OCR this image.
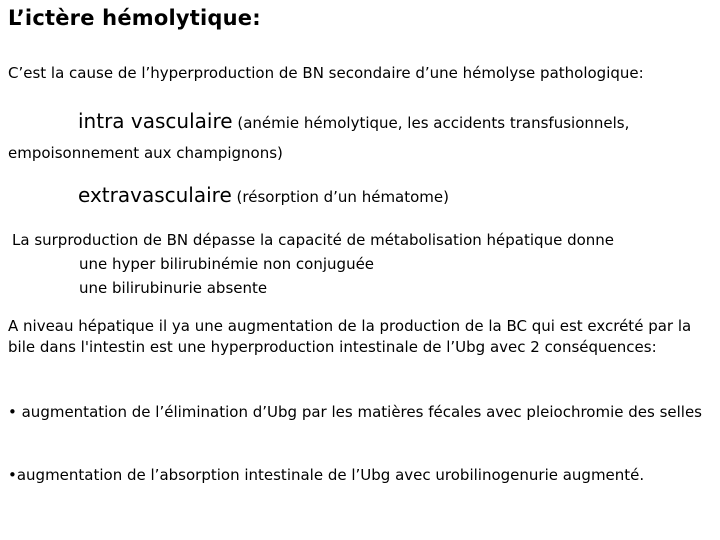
L’ictère hémolytique:
C’est la cause de l’hyperproduction de BN secondaire d’une hémolyse pathologique:
intra vasculaire (anémie hémolytique, les accidents transfusionnels,
empoisonnement aux champignons)
extravasculaire (résorption d’un hématome)
La surproduction de BN dépasse la capacité de métabolisation hépatique donne
une hyper bilirubinémie non conjuguée
une bilirubinurie absente
A niveau hépatique il ya une augmentation de la production de la BC qui est excrété par la bile dans l'intestin est une hyperproduction intestinale de l’Ubg avec 2 conséquences:
• augmentation de l’élimination d’Ubg par les matières fécales avec pleiochromie des selles
•augmentation de l’absorption intestinale de l’Ubg avec urobilinogenurie augmenté.
